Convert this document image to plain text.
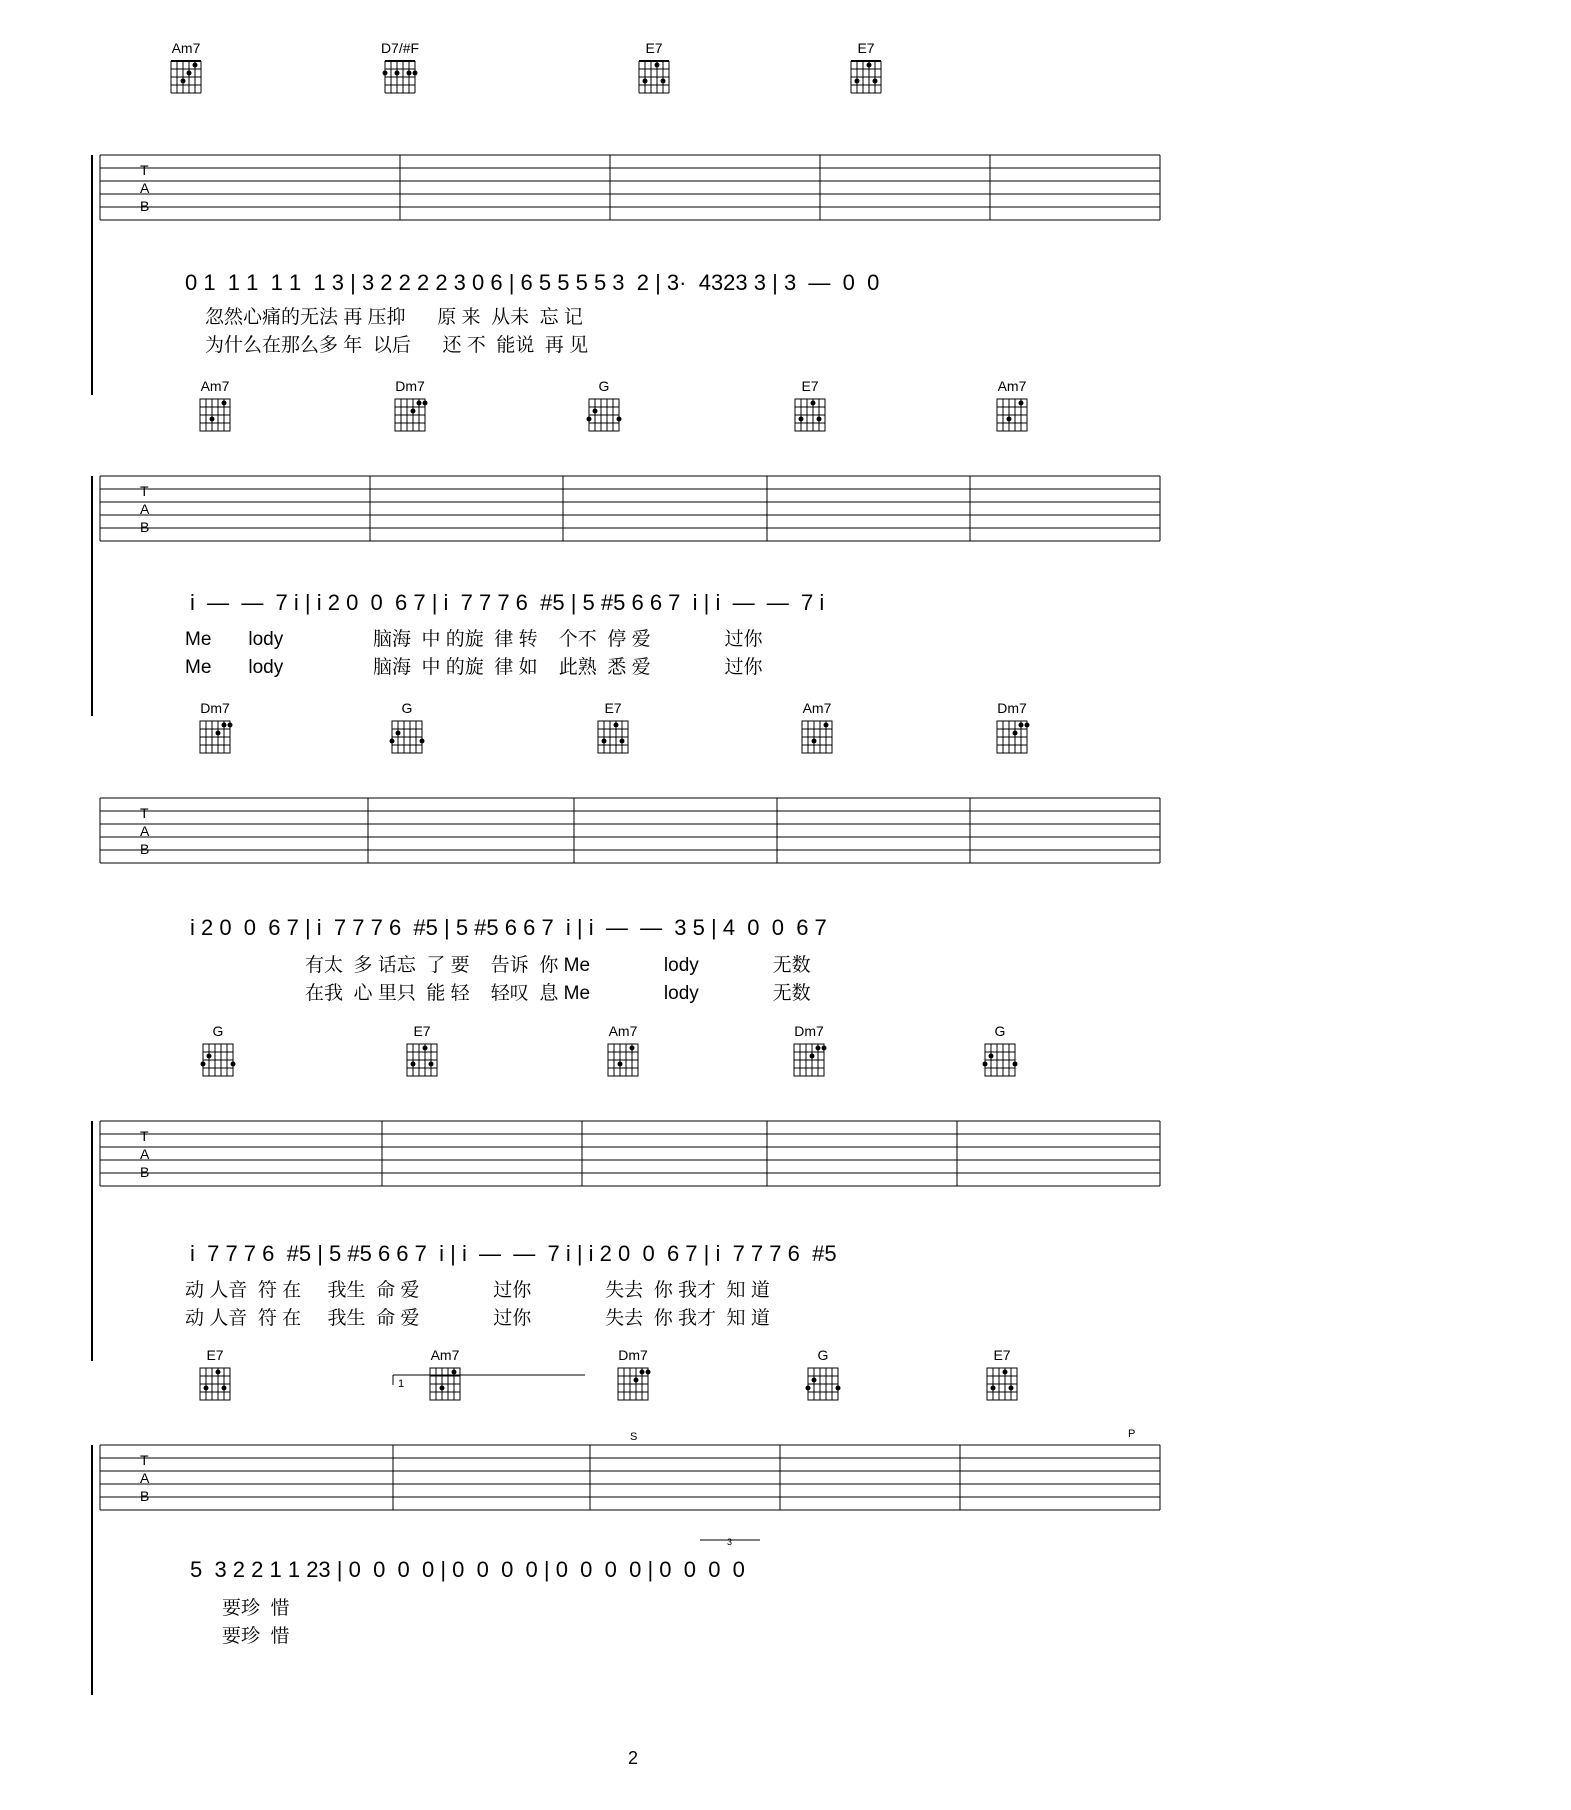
Am7	D7/#F	E7	E7
T
A
B
0 1  1 1  1 1  1 3 | 3 2 2 2 2 3 0 6 | 6 5 5 5 5 3  2 | 3·  4323 3 | 3  —  0  0
忽然心痛的无法 再 压抑      原 来  从未  忘 记
为什么在那么多 年  以后      还 不  能说  再 见
Am7	Dm7	G	E7	Am7
T
A
B
i  —  —  7 i | i 2 0  0  6 7 | i  7 7 7 6  #5 | 5 #5 6 6 7  i | i  —  —  7 i
Me       lody                 脑海  中 的旋  律 转    个不  停 爱              过你
Me       lody                 脑海  中 的旋  律 如    此熟  悉 爱              过你
Dm7	G	E7	Am7	Dm7
T
A
B
i 2 0  0  6 7 | i  7 7 7 6  #5 | 5 #5 6 6 7  i | i  —  —  3 5 | 4  0  0  6 7
有太  多 话忘  了 要    告诉  你 Me              lody              无数
在我  心 里只  能 轻    轻叹  息 Me              lody              无数
G	E7	Am7	Dm7	G
T
A
B
i  7 7 7 6  #5 | 5 #5 6 6 7  i | i  —  —  7 i | i 2 0  0  6 7 | i  7 7 7 6  #5
动 人音  符 在     我生  命 爱              过你              失去  你 我才  知 道
动 人音  符 在     我生  命 爱              过你              失去  你 我才  知 道
E7	Am7	Dm7	G	E7
T
A
B
1
S	P
3
5  3 2 2 1 1 23 | 0  0  0  0 | 0  0  0  0 | 0  0  0  0 | 0  0  0  0
要珍  惜
要珍  惜
2
